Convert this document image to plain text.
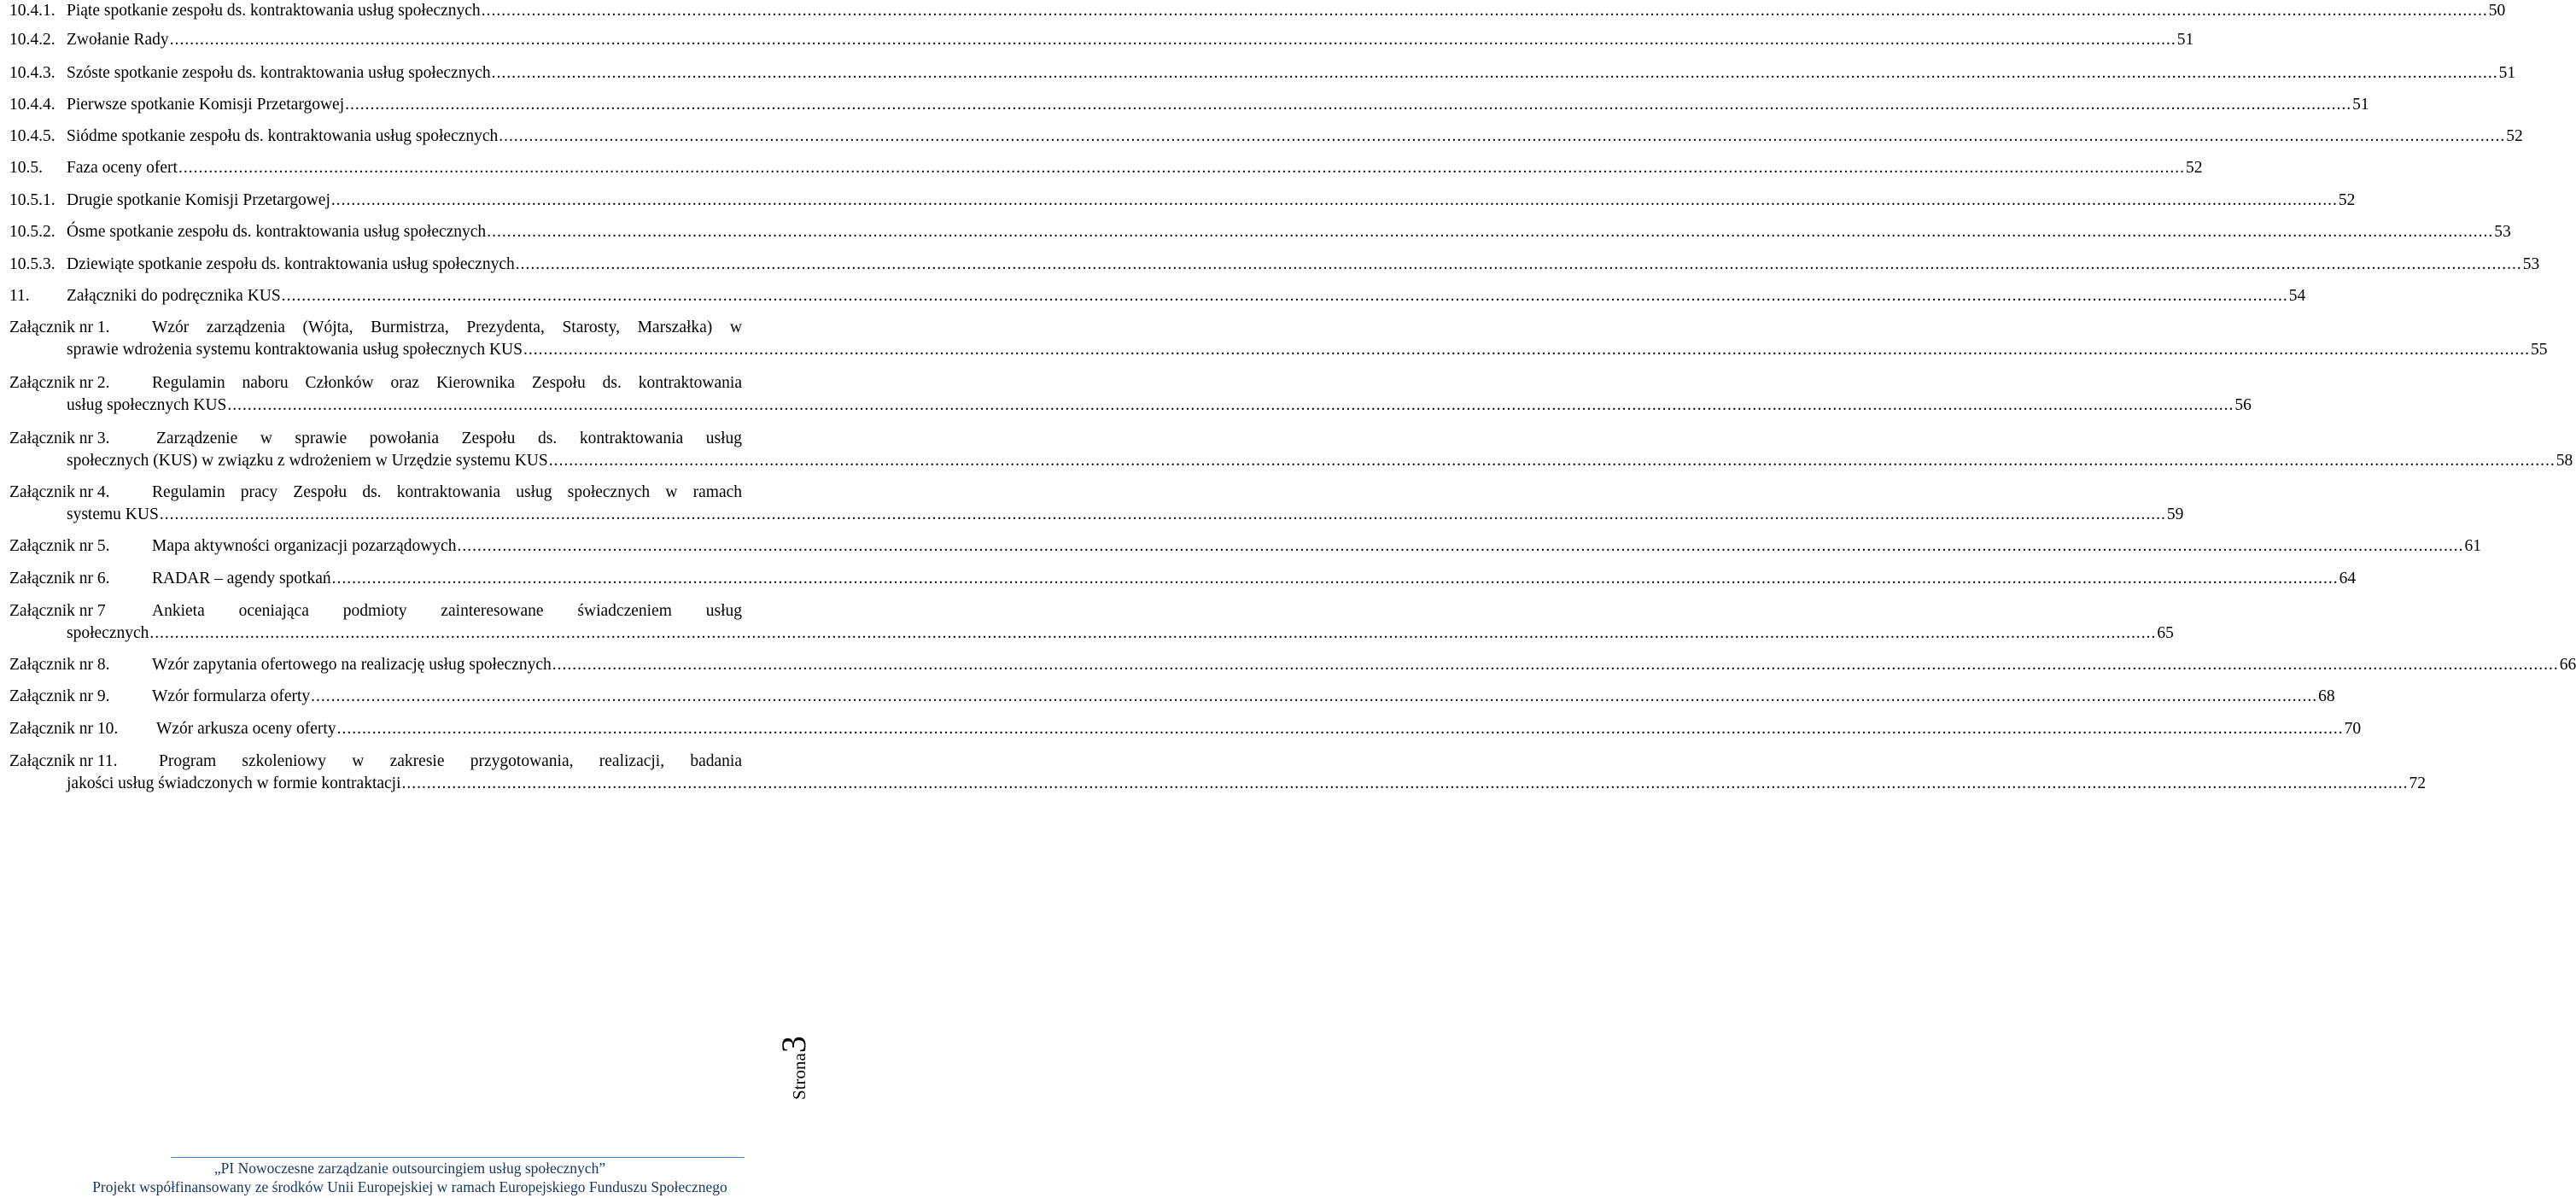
10.4.1. Piąte spotkanie zespołu ds. kontraktowania usług społecznych ................................................................................................................................................................................................................................................................................................................................................................................................................ 50
10.4.2. Zwołanie Rady ................................................................................................................................................................................................................................................................................................................................................................................................................ 51
10.4.3. Szóste spotkanie zespołu ds. kontraktowania usług społecznych ................................................................................................................................................................................................................................................................................................................................................................................................................ 51
10.4.4. Pierwsze spotkanie Komisji Przetargowej ................................................................................................................................................................................................................................................................................................................................................................................................................ 51
10.4.5. Siódme spotkanie zespołu ds. kontraktowania usług społecznych ................................................................................................................................................................................................................................................................................................................................................................................................................ 52
10.5. Faza oceny ofert ................................................................................................................................................................................................................................................................................................................................................................................................................ 52
10.5.1. Drugie spotkanie Komisji Przetargowej ................................................................................................................................................................................................................................................................................................................................................................................................................ 52
10.5.2. Ósme spotkanie zespołu ds. kontraktowania usług społecznych ................................................................................................................................................................................................................................................................................................................................................................................................................ 53
10.5.3. Dziewiąte spotkanie zespołu ds. kontraktowania usług społecznych ................................................................................................................................................................................................................................................................................................................................................................................................................ 53
11. Załączniki do podręcznika KUS ................................................................................................................................................................................................................................................................................................................................................................................................................ 54
Załącznik nr 1.	Wzór zarządzenia (Wójta, Burmistrza, Prezydenta, Starosty, Marszałka) w
sprawie wdrożenia systemu kontraktowania usług społecznych KUS ................................................................................................................................................................................................................................................................................................................................................................................................................ 55
Załącznik nr 2.	Regulamin naboru Członków oraz Kierownika Zespołu ds. kontraktowania
usług społecznych KUS ................................................................................................................................................................................................................................................................................................................................................................................................................ 56
Załącznik nr 3.	Zarządzenie w sprawie powołania Zespołu ds. kontraktowania usług
społecznych (KUS) w związku z wdrożeniem w Urzędzie systemu KUS ................................................................................................................................................................................................................................................................................................................................................................................................................ 58
Załącznik nr 4.	Regulamin pracy Zespołu ds. kontraktowania usług społecznych w ramach
systemu KUS ................................................................................................................................................................................................................................................................................................................................................................................................................ 59
Załącznik nr 5.	Mapa aktywności organizacji pozarządowych ................................................................................................................................................................................................................................................................................................................................................................................................................ 61
Załącznik nr 6.	RADAR – agendy spotkań ................................................................................................................................................................................................................................................................................................................................................................................................................ 64
Załącznik nr 7	Ankieta oceniająca podmioty zainteresowane świadczeniem usług
społecznych ................................................................................................................................................................................................................................................................................................................................................................................................................ 65
Załącznik nr 8.	Wzór zapytania ofertowego na realizację usług społecznych ................................................................................................................................................................................................................................................................................................................................................................................................................ 66
Załącznik nr 9.	Wzór formularza oferty ................................................................................................................................................................................................................................................................................................................................................................................................................ 68
Załącznik nr 10. Wzór arkusza oceny oferty ................................................................................................................................................................................................................................................................................................................................................................................................................ 70
Załącznik nr 11.	Program szkoleniowy w zakresie przygotowania, realizacji, badania
jakości usług świadczonych w formie kontraktacji ................................................................................................................................................................................................................................................................................................................................................................................................................ 72
Strona3
„PI Nowoczesne zarządzanie outsourcingiem usług społecznych”
Projekt współfinansowany ze środków Unii Europejskiej w ramach Europejskiego Funduszu Społecznego
